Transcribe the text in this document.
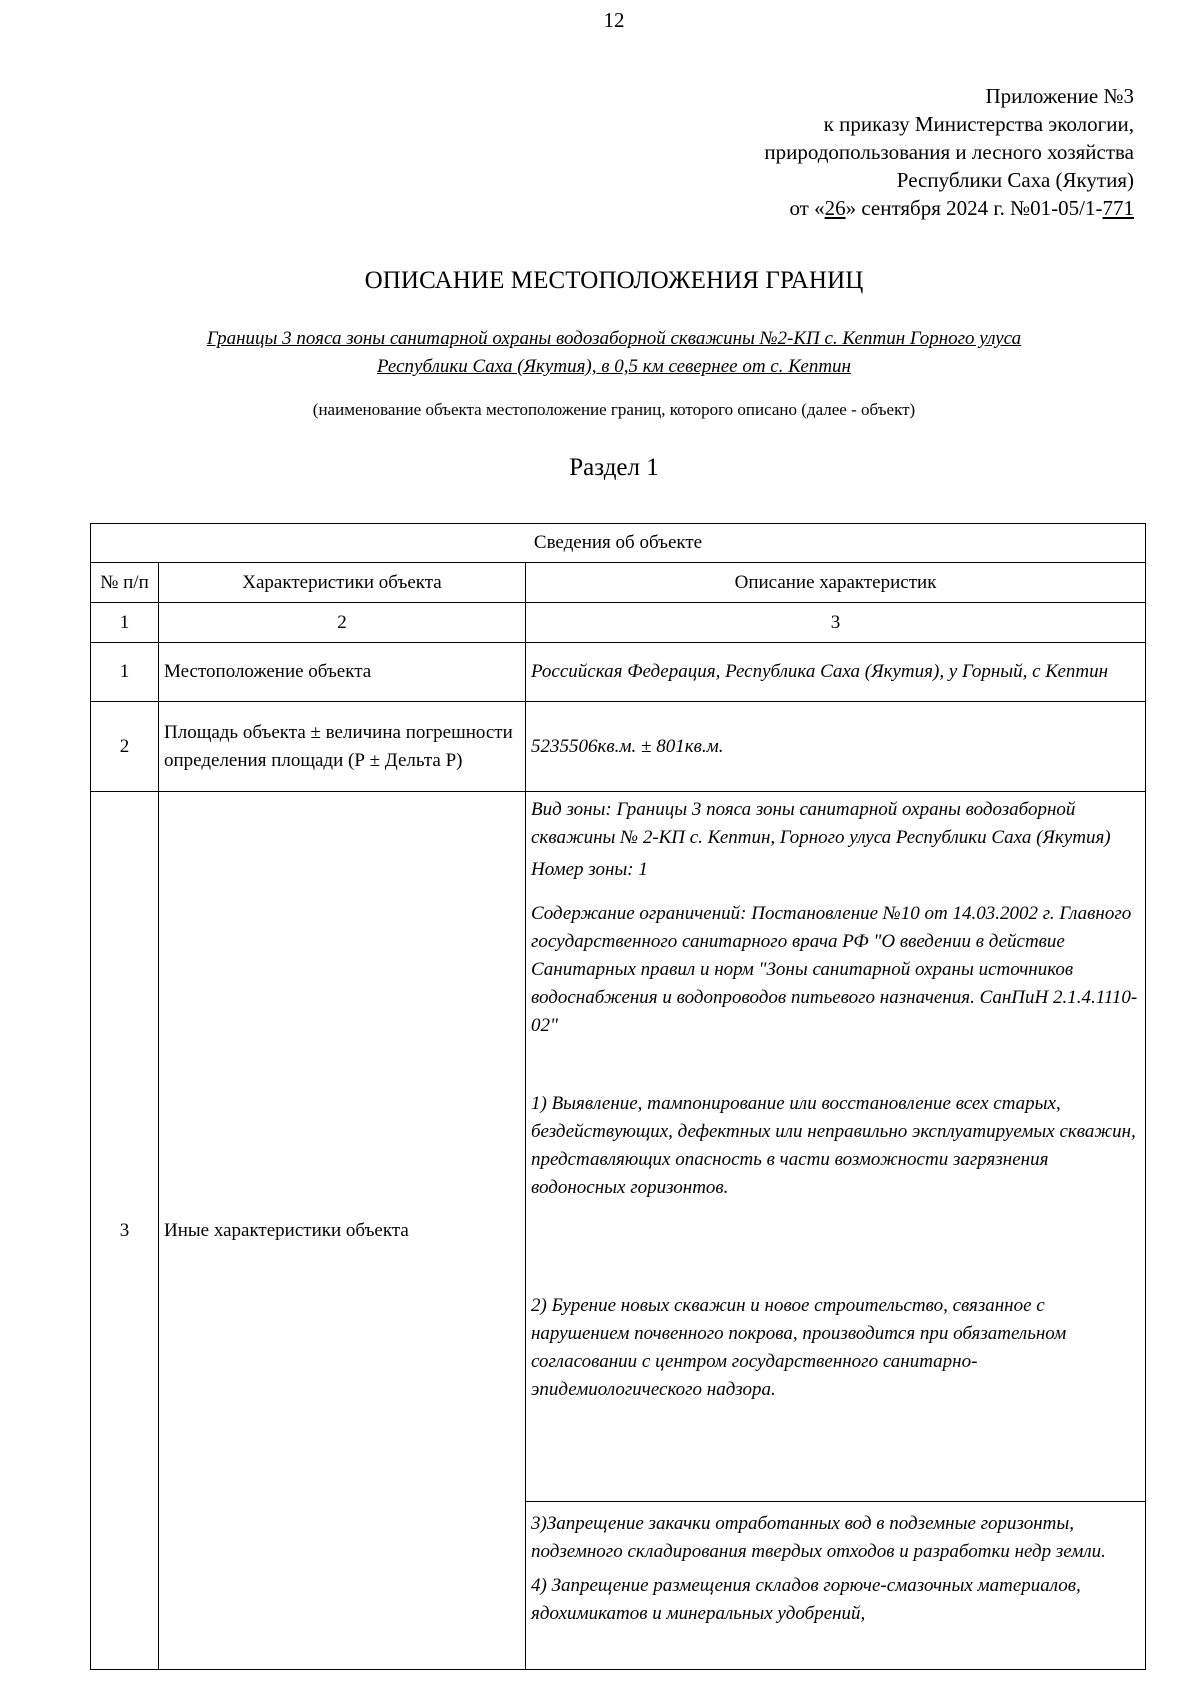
12
Приложение №3
к приказу Министерства экологии,
природопользования и лесного хозяйства
Республики Саха (Якутия)
от «26» сентября 2024 г. №01-05/1-771
ОПИСАНИЕ МЕСТОПОЛОЖЕНИЯ ГРАНИЦ
Границы 3 пояса зоны санитарной охраны водозаборной скважины №2-КП с. Кептин Горного улуса
Республики Саха (Якутия), в 0,5 км севернее от с. Кептин
(наименование объекта местоположение границ, которого описано (далее - объект)
Раздел 1
Сведения об объекте		
№ п/п	Характеристики объекта	Описание характеристик
1	2	3
1	Местоположение объекта	Российская Федерация, Республика Саха (Якутия), у Горный, с Кептин
2	Площадь объекта ± величина погрешности определения площади (Р ± Дельта Р)	5235506кв.м. ± 801кв.м.
3	Иные характеристики объекта	Вид зоны: Границы 3 пояса зоны санитарной охраны водозаборной скважины № 2-КП с. Кептин, Горного улуса Республики Саха (Якутия)

Номер зоны: 1

Содержание ограничений: Постановление №10 от 14.03.2002 г. Главного государственного санитарного врача РФ "О введении в действие Санитарных правил и норм "Зоны санитарной охраны источников водоснабжения и водопроводов питьевого назначения. СанПиН 2.1.4.1110-02"

1) Выявление, тампонирование или восстановление всех старых, бездействующих, дефектных или неправильно эксплуатируемых скважин, представляющих опасность в части возможности загрязнения водоносных горизонтов.

2) Бурение новых скважин и новое строительство, связанное с нарушением почвенного покрова, производится при обязательном согласовании с центром государственного санитарно-эпидемиологического надзора.

		3)Запрещение закачки отработанных вод в подземные горизонты, подземного складирования твердых отходов и разработки недр земли.

4) Запрещение размещения складов горюче-смазочных материалов, ядохимикатов и минеральных удобрений,
